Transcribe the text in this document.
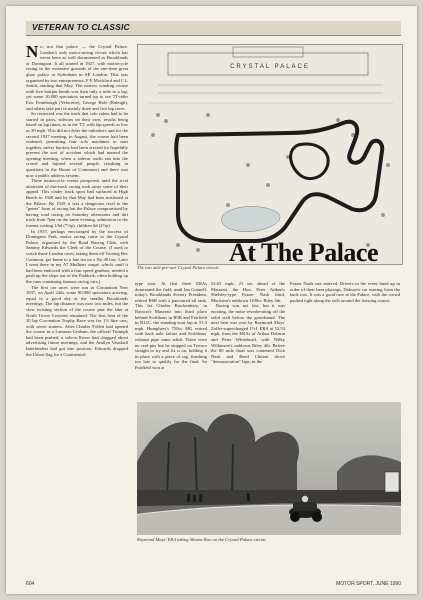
VETERAN TO CLASSIC

No, not that palace — the Crystal Palace. London's only motor-racing circuit which has never been as well documented as Brooklands or Donington. It all started in 1927, with motorcycle racing in the extensive grounds of the one-time great glass palace at Sydenham in SE London. This was organised by two entrepreneurs, F E Mockford and C L Smith, starting that May. The narrow winding course with five hairpin bends was then only a mile to a lap, yet some 10,000 spectators turned up to see TT-rider Eric Fernihough (Velocette), George Hole (Raleigh), and others take part in mainly three and five lap races.

So restricted was the track that solo riders had to be started in pairs, sidecars on their own, results being based on lap times, as in the TT, with lap speeds as low as 30 mph. This did not deter the onlookers and for the second 1927 meeting, in August, the course had been widened, permitting four solo machines to start together, safety barriers had been erected (to hopefully prevent the sort of accident which had marred the opening meeting, when a sidecar outfit ran into the crowd and injured several people, resulting in questions in the House of Commons) and there was now a public address system.

These motorcycle events prospered, until the rival attraction of dirt-track racing took away some of their appeal. This cinder track sport had surfaced at High Beech in 1928 and by that May had been instituted at the Palace. By 1929 it was a dangerous rival to the "genes" form of racing but the Palace compromised by having road racing on Saturday afternoons and dirt track from 7pm on the same evening, admission to the former costing 1/6d (7½p), children 6d (2½p).

In 1937, perhaps encouraged by the success of Donington Park, motor racing came to the Crystal Palace, organised by the Road Racing Club, with Sammy Edwards the Clerk of the Course. (I used to watch those London races, taking them off Tooting Bec Common, get home to a late tea on a No 49 bus. Later I went there in my A7 Mulliner coupé, which, until it had been endowed with a four speed gearbox, needed a push up the slope out of the Paddock, often holding up the vans containing famous racing cars.)

The first car races were run in Coronation Year 1937, on April 24th, some 80,000 spectators arriving, equal to a good day at the smaller Brooklands meetings. The lap distance was now two miles, but the slow twisting section of the course past the lake at North Tower Crescent remained. The first heat of the 20 lap Coronation Trophy Race was for 1½ litre cars, with seven starters. After Charles Follett had opened the course in a Lammas-Graham, the official Triumph had been pushed, a saloon Rover had chugged about advertising future meetings, and the Amilyn Vauxhall Interfenders had got into position. Edwards dropped the Union flag for a Continental-

CRYSTAL PALACE
The two mile pre-war Crystal Palace circuit.
At The Palace

type start. At first three ERAs dominated the field, until Ian Connell, today's Brooklands Society President, retired R6B with a punctured oil tank. This let Charles Brackenbury, in Rayson's Maserati into third place behind Scribbans in R9B and Fairfield in R12C, the standing-start lap at 51.3 mph. Humphrey's 750cc MG retired with back axle failure and Scribbans' exhaust pipe came adrift. There were no real pits but he stopped on Terrace straight to try and fix it on, holding it in place with a piece of rag, finishing too late to qualify for the final. So Fairfield won at

52.63 mph, 21 sec ahead of the Maserati, the Hon. Peter Aitken's Shelsley-type Frazer Nash third, Muckrim's unblown 1100cc Riley 4th.

Racing was not fast, but it was exciting, the noise reverberating off the solid wall before the grandstand. The next heat was won by Raymond Mays' Zoller-supercharged 1½ℓ ERA at 52.53 mph, from the ERAs of Arthur Dobson and Peter Whitehead, with Wilky Wilkinson's unblown Riley 4th. Before the 80 mile final was contested Dick Nash and Reed Clutton drove "demonstration" laps, in the

Frazer Nash cars entered. Drivers in the event lined up in order of their heat placings, Dobson's car starting from the back row. It was a good race at the Palace, with the crowd packed tight along the rails around the twisting course.

Raymond Mays' ERA taking Maxim Rise on the Crystal Palace circuit.
604	MOTOR SPORT, JUNE 1990
